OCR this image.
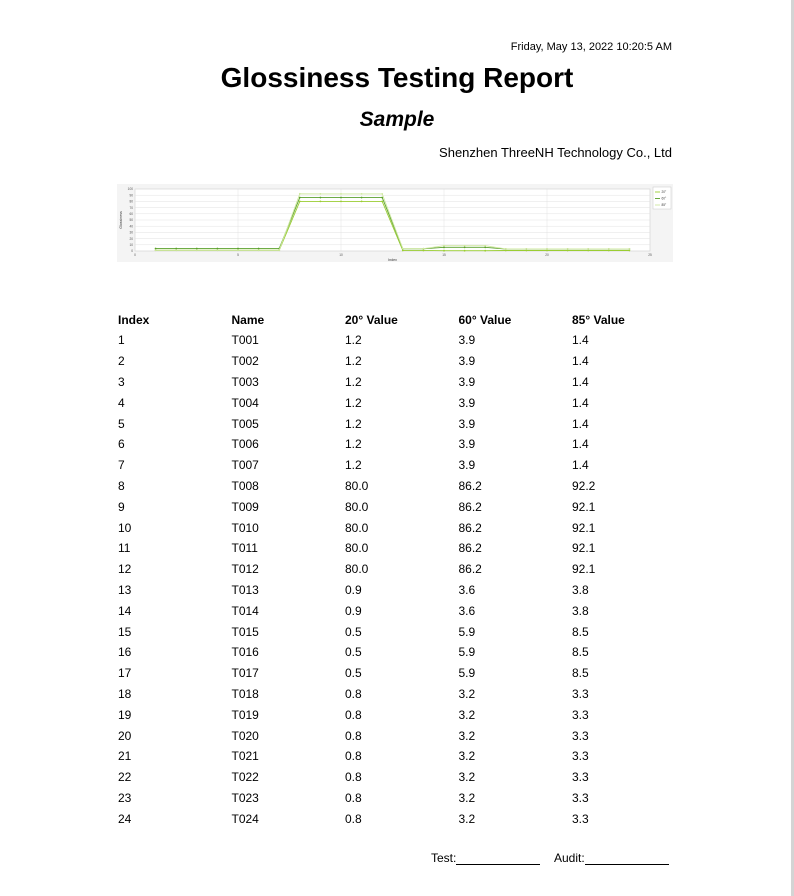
Friday, May 13, 2022 10:20:5 AM
Glossiness Testing Report
Sample
Shenzhen ThreeNH Technology Co., Ltd
0
10
20
30
40
50
60
70
80
90
100
0	5	10	15	20	25
Index
Glossiness
20°
60°
85°
Index	Name	20° Value	60° Value	85° Value
1	T001	1.2	3.9	1.4
2	T002	1.2	3.9	1.4
3	T003	1.2	3.9	1.4
4	T004	1.2	3.9	1.4
5	T005	1.2	3.9	1.4
6	T006	1.2	3.9	1.4
7	T007	1.2	3.9	1.4
8	T008	80.0	86.2	92.2
9	T009	80.0	86.2	92.1
10	T010	80.0	86.2	92.1
11	T011	80.0	86.2	92.1
12	T012	80.0	86.2	92.1
13	T013	0.9	3.6	3.8
14	T014	0.9	3.6	3.8
15	T015	0.5	5.9	8.5
16	T016	0.5	5.9	8.5
17	T017	0.5	5.9	8.5
18	T018	0.8	3.2	3.3
19	T019	0.8	3.2	3.3
20	T020	0.8	3.2	3.3
21	T021	0.8	3.2	3.3
22	T022	0.8	3.2	3.3
23	T023	0.8	3.2	3.3
24	T024	0.8	3.2	3.3
Test:	Audit:
